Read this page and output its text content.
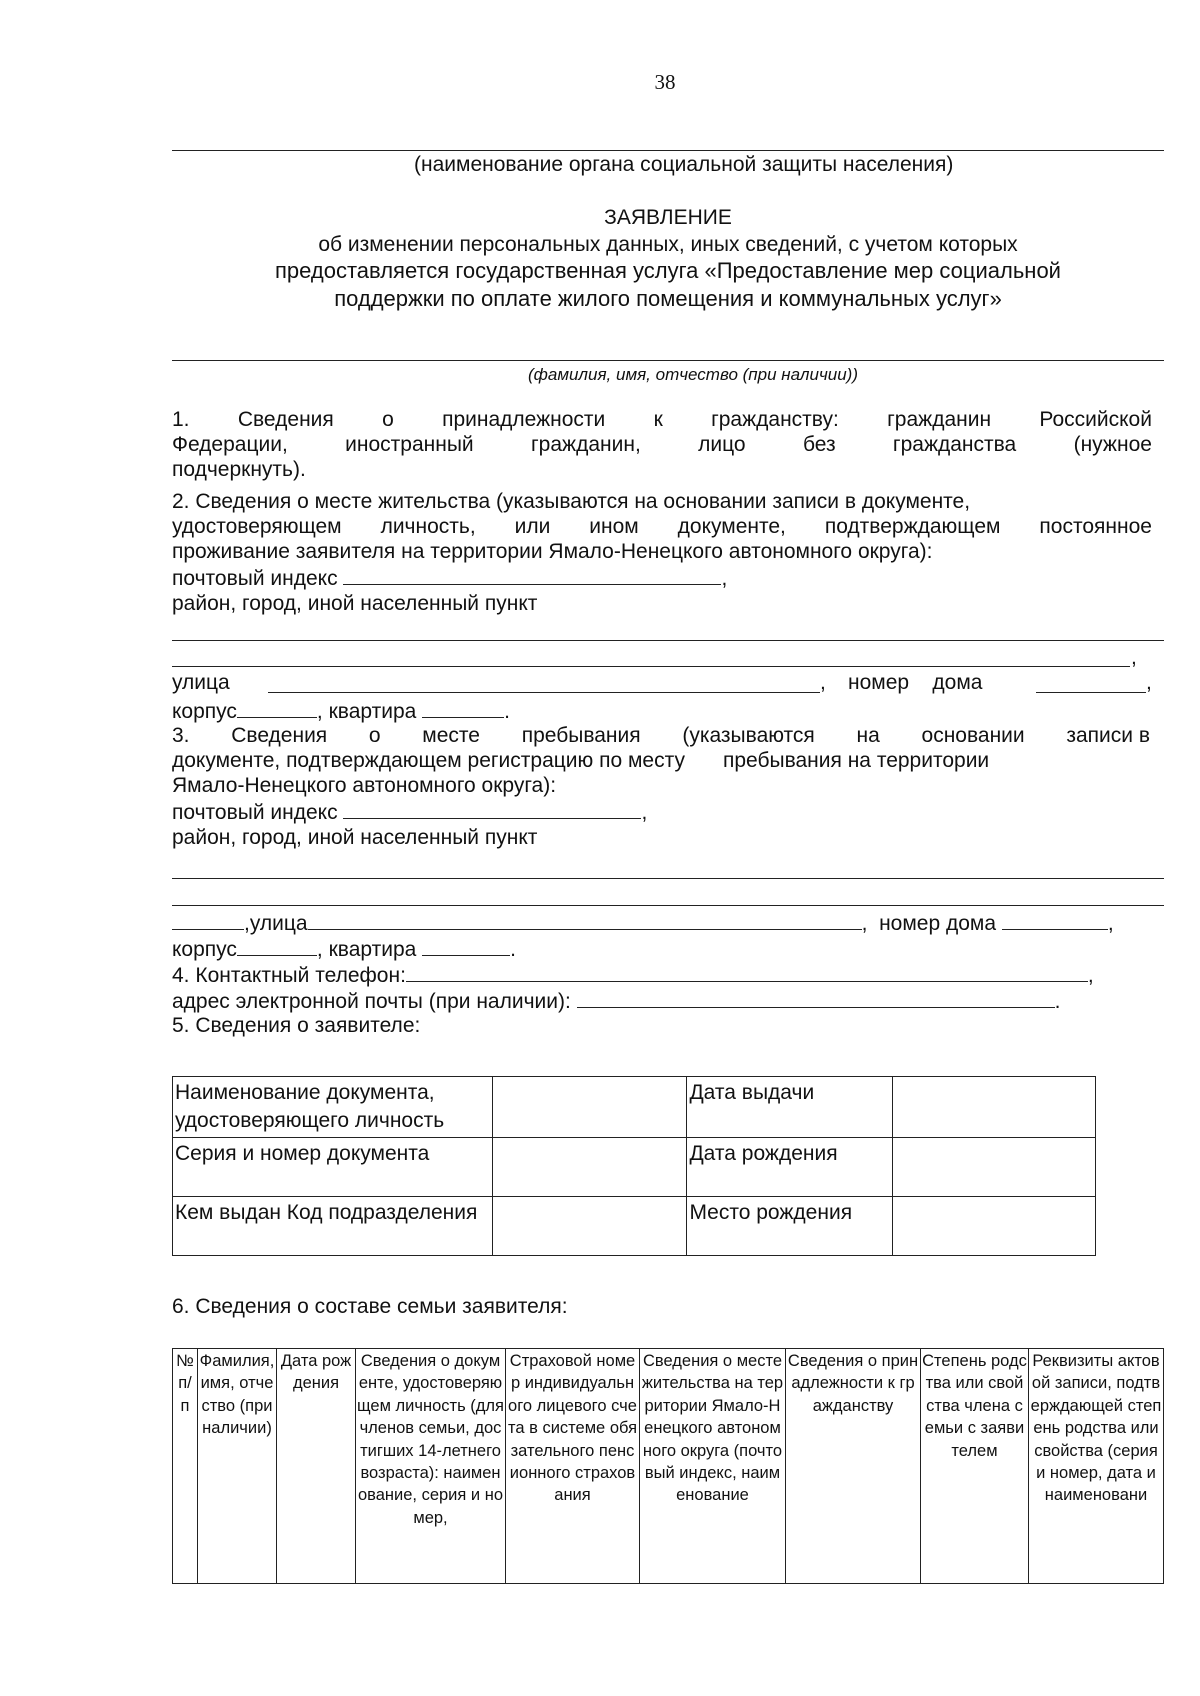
38
(наименование органа социальной защиты населения)
ЗАЯВЛЕНИЕ
об изменении персональных данных, иных сведений, с учетом которых
предоставляется государственная услуга «Предоставление мер социальной
поддержки по оплате жилого помещения и коммунальных услуг»
(фамилия, имя, отчество (при наличии))
1. Сведения о принадлежности к гражданству: гражданин Российской
Федерации,	иностранный	гражданин,	лицо	без	гражданства	(нужное
подчеркнуть).
2. Сведения о месте жительства (указываются на основании записи в документе,
удостоверяющем личность, или ином документе, подтверждающем постоянное
проживание заявителя на территории Ямало-Ненецкого автономного округа):
почтовый индекс	,
район, город, иной населенный пункт
,
улица	, номер    дома	,
корпус	, квартира	.
3. Сведения о месте пребывания (указываются на основании записи в
документе, подтверждающем регистрацию по месту пребывания на территории
Ямало-Ненецкого автономного округа):
почтовый индекс	,
район, город, иной населенный пункт
,улица	,  номер дома	,
корпус	, квартира	.
4. Контактный телефон:	,
адрес электронной почты (при наличии):	.
5. Сведения о заявителе:
Наименование документа, удостоверяющего личность		Дата выдачи	
Серия и номер документа		Дата рождения	
Кем выдан Код подразделения		Место рождения	
6. Сведения о составе семьи заявителя:
№ п/п	Фамилия, имя, отчество (при наличии)	Дата рождения	Сведения о документе, удостоверяющем личность (для членов семьи, достигших 14-летнего возраста): наименование, серия и номер,	Страховой номер индивидуального лицевого счета в системе обязательного пенсионного страхования	Сведения о месте жительства на территории Ямало-Ненецкого автономного округа (почтовый индекс, наименование	Сведения о принадлежности к гражданству	Степень родства или свойства члена семьи с заявителем	Реквизиты актовой записи, подтверждающей степень родства или свойства (серия и номер, дата и наименовани
